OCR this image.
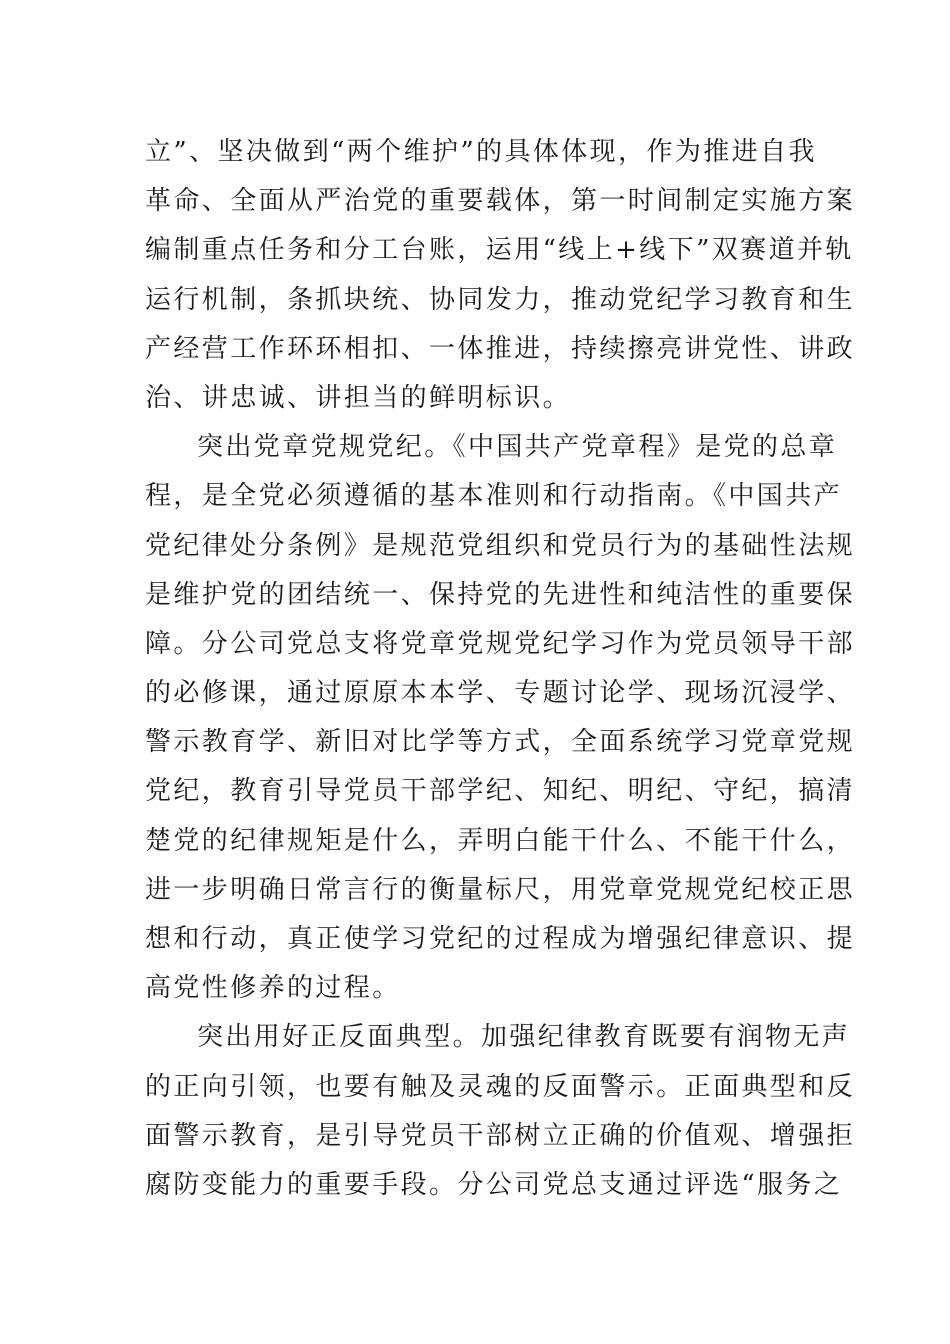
立”、坚决做到“两个维护”的具体体现，作为推进自我
革命、全面从严治党的重要载体，第一时间制定实施方案
编制重点任务和分工台账，运用“线上+线下”双赛道并轨
运行机制，条抓块统、协同发力，推动党纪学习教育和生
产经营工作环环相扣、一体推进，持续擦亮讲党性、讲政
治、讲忠诚、讲担当的鲜明标识。
突出党章党规党纪。《中国共产党章程》是党的总章
程，是全党必须遵循的基本准则和行动指南。《中国共产
党纪律处分条例》是规范党组织和党员行为的基础性法规
是维护党的团结统一、保持党的先进性和纯洁性的重要保
障。分公司党总支将党章党规党纪学习作为党员领导干部
的必修课，通过原原本本学、专题讨论学、现场沉浸学、
警示教育学、新旧对比学等方式，全面系统学习党章党规
党纪，教育引导党员干部学纪、知纪、明纪、守纪，搞清
楚党的纪律规矩是什么，弄明白能干什么、不能干什么，
进一步明确日常言行的衡量标尺，用党章党规党纪校正思
想和行动，真正使学习党纪的过程成为增强纪律意识、提
高党性修养的过程。
突出用好正反面典型。加强纪律教育既要有润物无声
的正向引领，也要有触及灵魂的反面警示。正面典型和反
面警示教育，是引导党员干部树立正确的价值观、增强拒
腐防变能力的重要手段。分公司党总支通过评选“服务之
